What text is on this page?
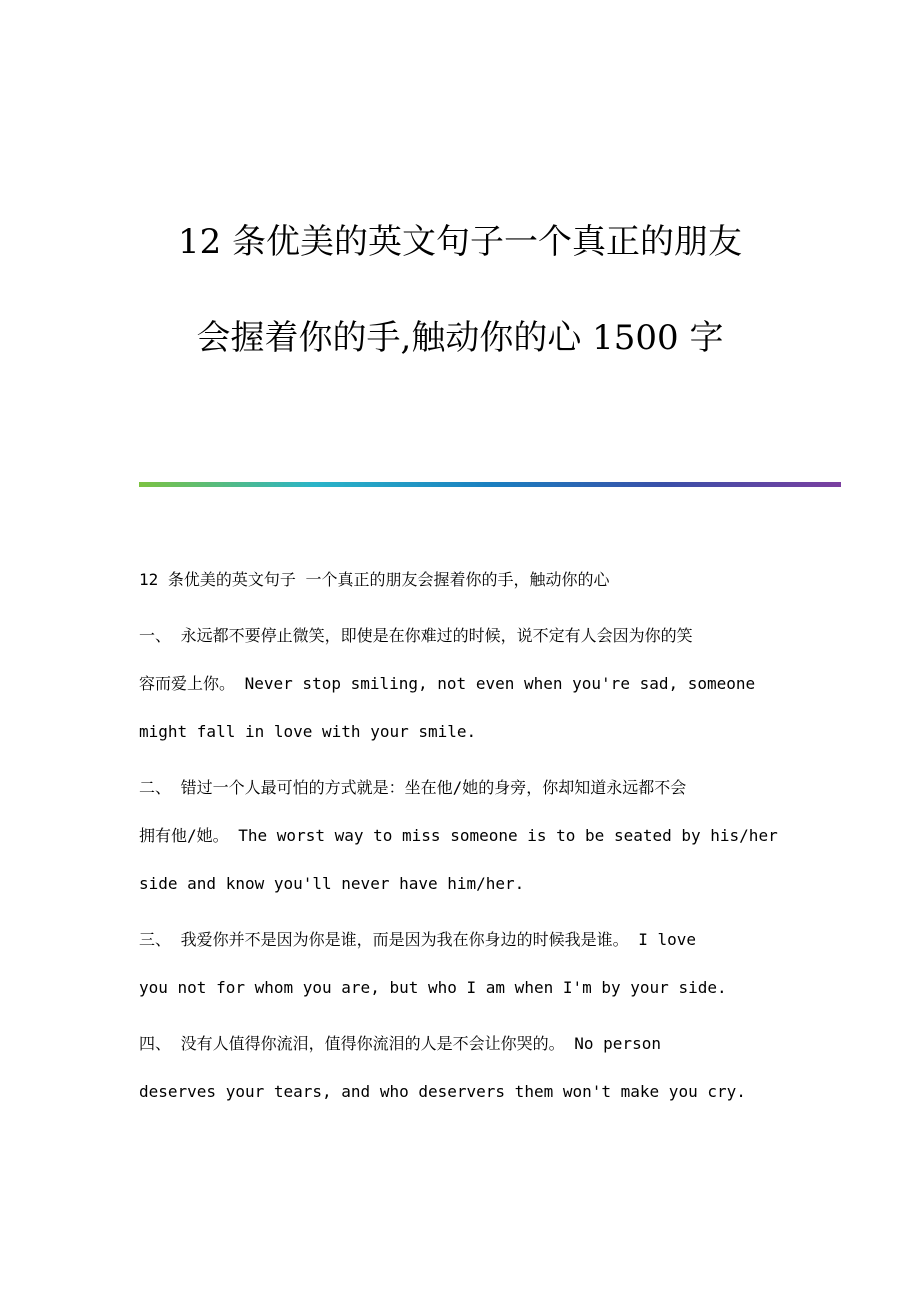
12 条优美的英文句子一个真正的朋友
会握着你的手,触动你的心 1500 字

12 条优美的英文句子 一个真正的朋友会握着你的手，触动你的心

一、 永远都不要停止微笑，即使是在你难过的时候，说不定有人会因为你的笑
容而爱上你。 Never stop smiling, not even when you're sad, someone
might fall in love with your smile.
二、 错过一个人最可怕的方式就是：坐在他/她的身旁，你却知道永远都不会
拥有他/她。 The worst way to miss someone is to be seated by his/her
side and know you'll never have him/her.
三、 我爱你并不是因为你是谁，而是因为我在你身边的时候我是谁。 I love
you not for whom you are, but who I am when I'm by your side.
四、 没有人值得你流泪，值得你流泪的人是不会让你哭的。 No person
deserves your tears, and who deservers them won't make you cry.
